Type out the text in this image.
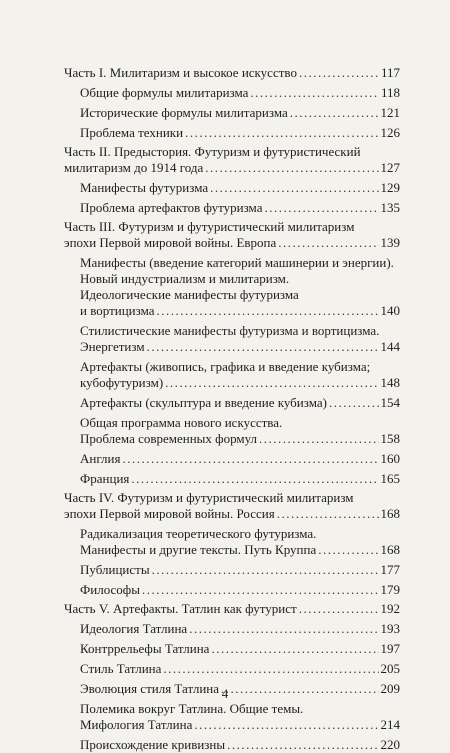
Часть I. Милитаризм и высокое искусство .....	117
Общие формулы милитаризма .....	118
Исторические формулы милитаризма .....	121
Проблема техники .....	126
Часть II. Предыстория. Футуризм и футуристический
милитаризм до 1914 года .....	127
Манифесты футуризма .....	129
Проблема артефактов футуризма .....	135
Часть III. Футуризм и футуристический милитаризм
эпохи Первой мировой войны. Европа .....	139
Манифесты (введение категорий машинерии и энергии).
Новый индустриализм и милитаризм.
Идеологические манифесты футуризма
и вортицизма .....	140
Стилистические манифесты футуризма и вортицизма.
Энергетизм .....	144
Артефакты (живопись, графика и введение кубизма;
кубофутуризм) .....	148
Артефакты (скульптура и введение кубизма) .....	154
Общая программа нового искусства.
Проблема современных формул .....	158
Англия .....	160
Франция .....	165
Часть IV. Футуризм и футуристический милитаризм
эпохи Первой мировой войны. Россия .....	168
Радикализация теоретического футуризма.
Манифесты и другие тексты. Путь Круппа .....	168
Публицисты .....	177
Философы .....	179
Часть V. Артефакты. Татлин как футурист .....	192
Идеология Татлина .....	193
Контррельефы Татлина .....	197
Стиль Татлина .....	205
Эволюция стиля Татлина .....	209
Полемика вокруг Татлина. Общие темы.
Мифология Татлина .....	214
Происхождение кривизны .....	220
4
